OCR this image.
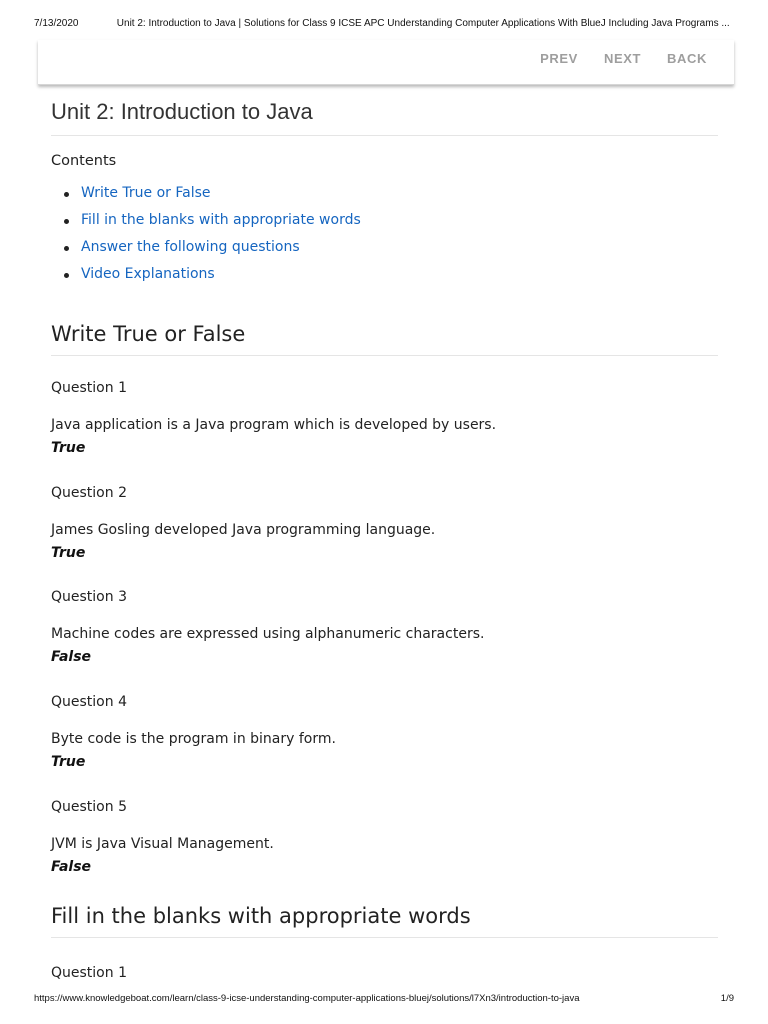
7/13/2020	Unit 2: Introduction to Java | Solutions for Class 9 ICSE APC Understanding Computer Applications With BlueJ Including Java Programs ...
PREV NEXT BACK
Unit 2: Introduction to Java
Contents
Write True or False
Fill in the blanks with appropriate words
Answer the following questions
Video Explanations
Write True or False

Question 1

Java application is a Java program which is developed by users.

True

Question 2

James Gosling developed Java programming language.

True

Question 3

Machine codes are expressed using alphanumeric characters.

False

Question 4

Byte code is the program in binary form.

True

Question 5

JVM is Java Visual Management.

False

Fill in the blanks with appropriate words

Question 1

https://www.knowledgeboat.com/learn/class-9-icse-understanding-computer-applications-bluej/solutions/l7Xn3/introduction-to-java	1/9
